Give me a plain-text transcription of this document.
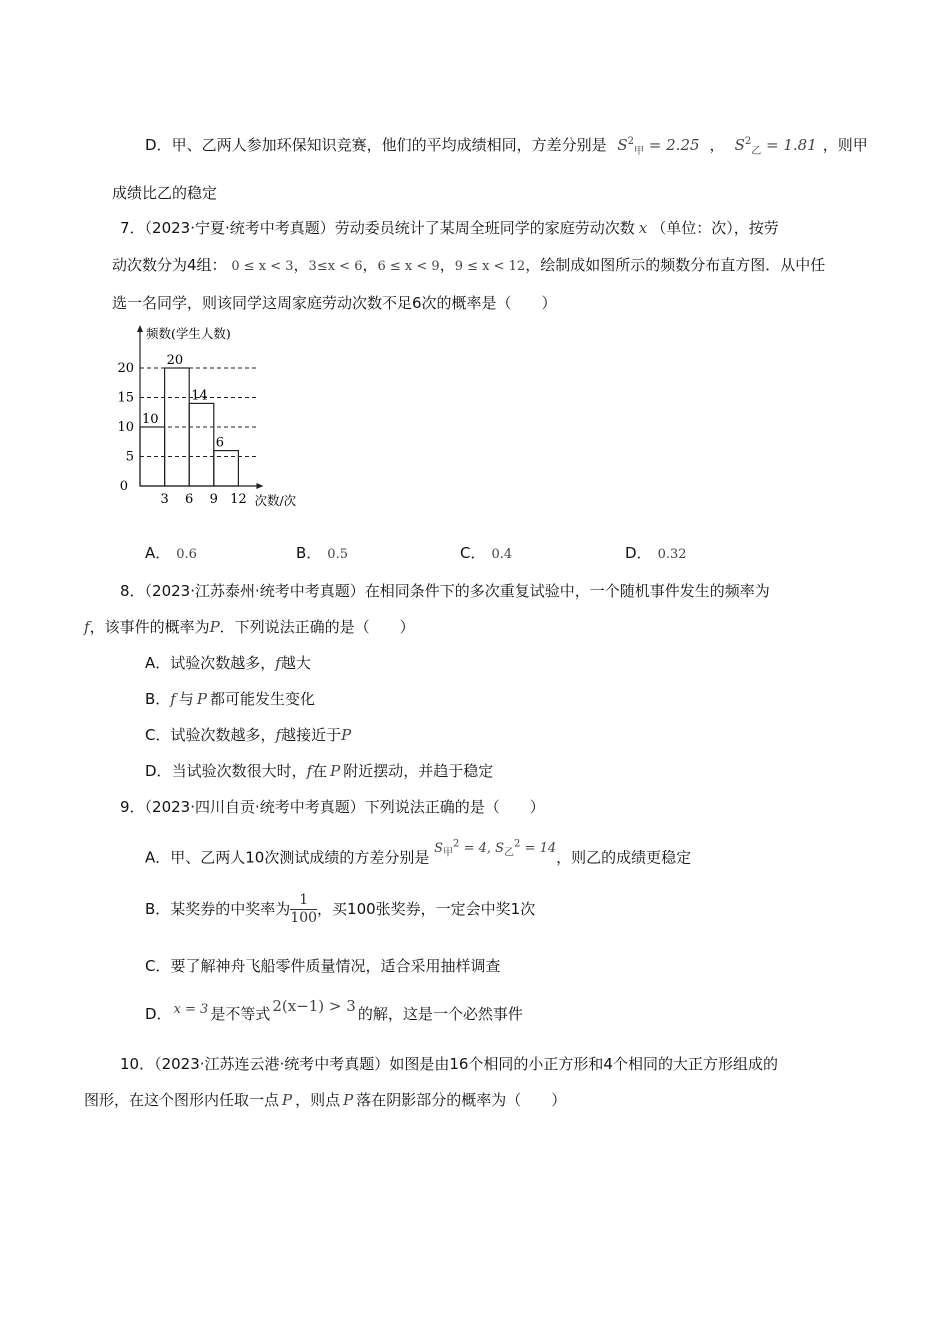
D．甲、乙两人参加环保知识竞赛，他们的平均成绩相同，方差分别是 $S^2_甲 = 2.25$ ， $S^2_乙 = 1.81$ ，则甲
成绩比乙的稳定
7．（2023·宁夏·统考中考真题）劳动委员统计了某周全班同学的家庭劳动次数 x （单位：次），按劳
动次数分为4组： 0 ≤ x < 3，3≤x < 6，6 ≤ x < 9，9 ≤ x < 12，绘制成如图所示的频数分布直方图．从中任
选一名同学，则该同学这周家庭劳动次数不足6次的概率是（　　）
10
20
14
6
0
5
10
15
20
3 6 9 12
频数(学生人数)
次数/次
A． 0.6	B． 0.5	C． 0.4	D． 0.32
8．（2023·江苏泰州·统考中考真题）在相同条件下的多次重复试验中，一个随机事件发生的频率为
f，该事件的概率为P．下列说法正确的是（　　）
A．试验次数越多，f越大
B．f 与 P 都可能发生变化
C．试验次数越多，f越接近于P
D．当试验次数很大时，f在 P 附近摆动，并趋于稳定
9．（2023·四川自贡·统考中考真题）下列说法正确的是（　　）
A．甲、乙两人10次测试成绩的方差分别是 $S_甲^2 = 4$, $S_乙^2 = 14$，则乙的成绩更稳定
B．某奖券的中奖率为 $\frac{1}{100}$ ，买100张奖券，一定会中奖1次
C．要了解神舟飞船零件质量情况，适合采用抽样调查
D． x = 3 是不等式 2(x−1) > 3 的解，这是一个必然事件
10．（2023·江苏连云港·统考中考真题）如图是由16个相同的小正方形和4个相同的大正方形组成的
图形，在这个图形内任取一点 P ，则点 P 落在阴影部分的概率为（　　）
